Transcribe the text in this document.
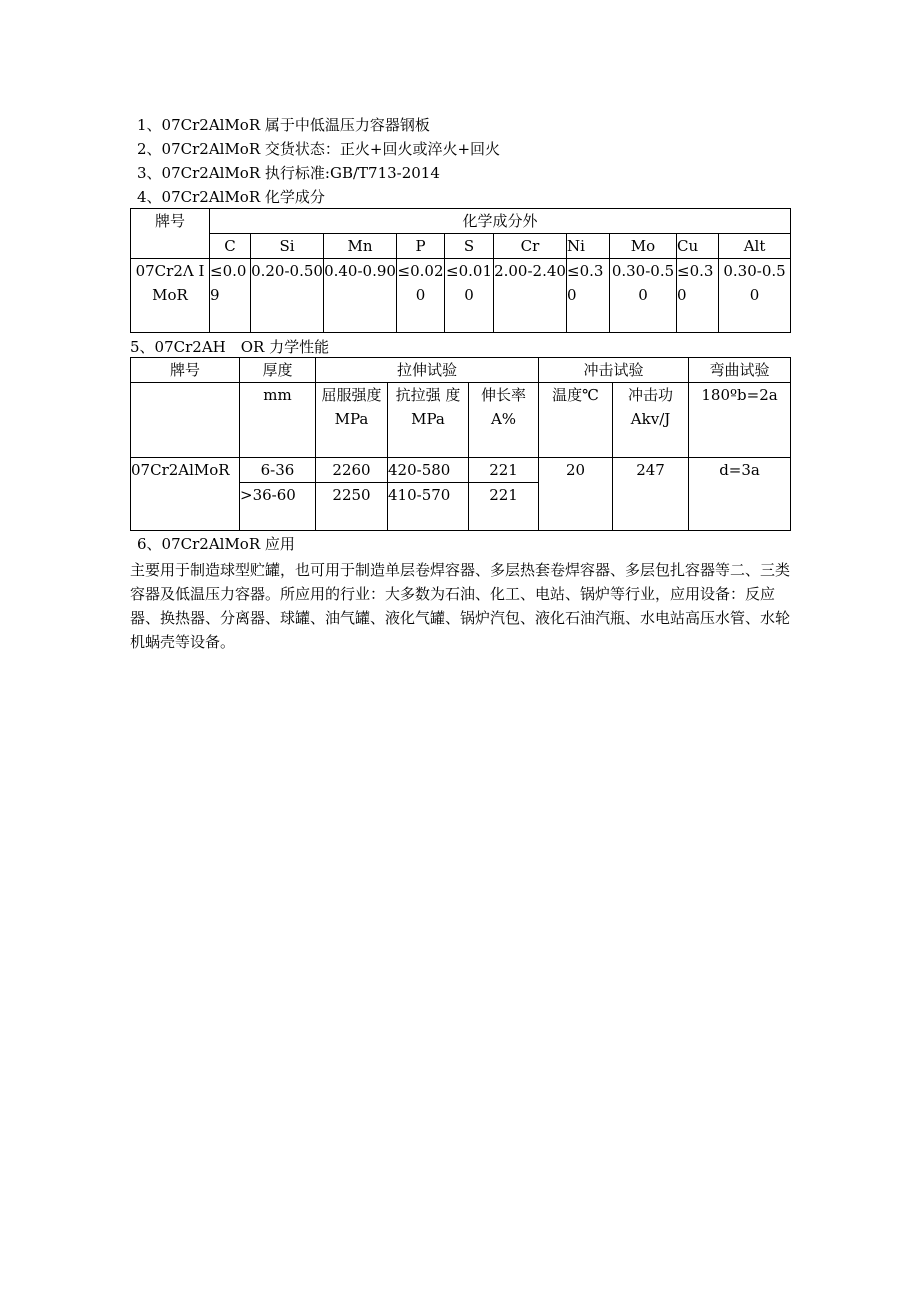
1、07Cr2AlMoR 属于中低温压力容器钢板
2、07Cr2AlMoR 交货状态：正火+回火或淬火+回火
3、07Cr2AlMoR 执行标准:GB/T713-2014
4、07Cr2AlMoR 化学成分
牌号	化学成分外									
	C	Si	Mn	P	S	Cr	Ni	Mo	Cu	Alt
07Cr2Λ IMoR	≤0.09	0.20-0.50	0.40-0.90	≤0.020	≤0.010	2.00-2.40	≤0.30	0.30-0.50	≤0.30	0.30-0.50
5、07Cr2AH　OR 力学性能
牌号	厚度	拉伸试验			冲击试验		弯曲试验
	mm	屈服强度 MPa	抗拉强 度 MPa	伸长率 A%	温度℃	冲击功 Akv/J	180ºb=2a
07Cr2AlMoR	6-36	2260	420-580	221	20	247	d=3a
	>36-60	2250	410-570	221			
6、07Cr2AlMoR 应用
主要用于制造球型贮罐，也可用于制造单层卷焊容器、多层热套卷焊容器、多层包扎容器等二、三类容器及低温压力容器。所应用的行业：大多数为石油、化工、电站、锅炉等行业，应用设备：反应器、换热器、分离器、球罐、油气罐、液化气罐、锅炉汽包、液化石油汽瓶、水电站高压水管、水轮机蜗壳等设备。
